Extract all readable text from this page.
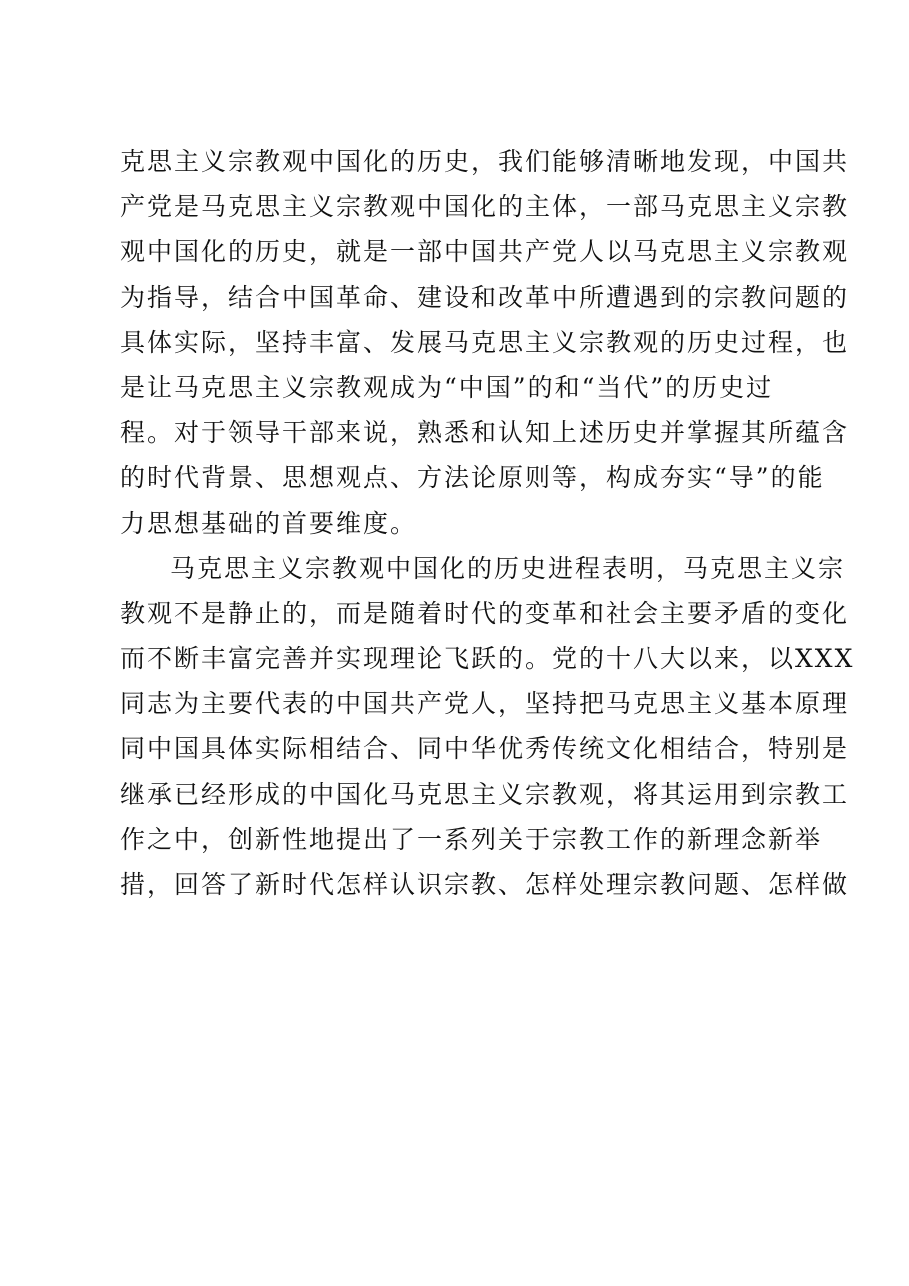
克思主义宗教观中国化的历史，我们能够清晰地发现，中国共
产党是马克思主义宗教观中国化的主体，一部马克思主义宗教
观中国化的历史，就是一部中国共产党人以马克思主义宗教观
为指导，结合中国革命、建设和改革中所遭遇到的宗教问题的
具体实际，坚持丰富、发展马克思主义宗教观的历史过程，也
是让马克思主义宗教观成为“中国”的和“当代”的历史过
程。对于领导干部来说，熟悉和认知上述历史并掌握其所蕴含
的时代背景、思想观点、方法论原则等，构成夯实“导”的能
力思想基础的首要维度。
马克思主义宗教观中国化的历史进程表明，马克思主义宗
教观不是静止的，而是随着时代的变革和社会主要矛盾的变化
而不断丰富完善并实现理论飞跃的。党的十八大以来，以XXX
同志为主要代表的中国共产党人，坚持把马克思主义基本原理
同中国具体实际相结合、同中华优秀传统文化相结合，特别是
继承已经形成的中国化马克思主义宗教观，将其运用到宗教工
作之中，创新性地提出了一系列关于宗教工作的新理念新举
措，回答了新时代怎样认识宗教、怎样处理宗教问题、怎样做
